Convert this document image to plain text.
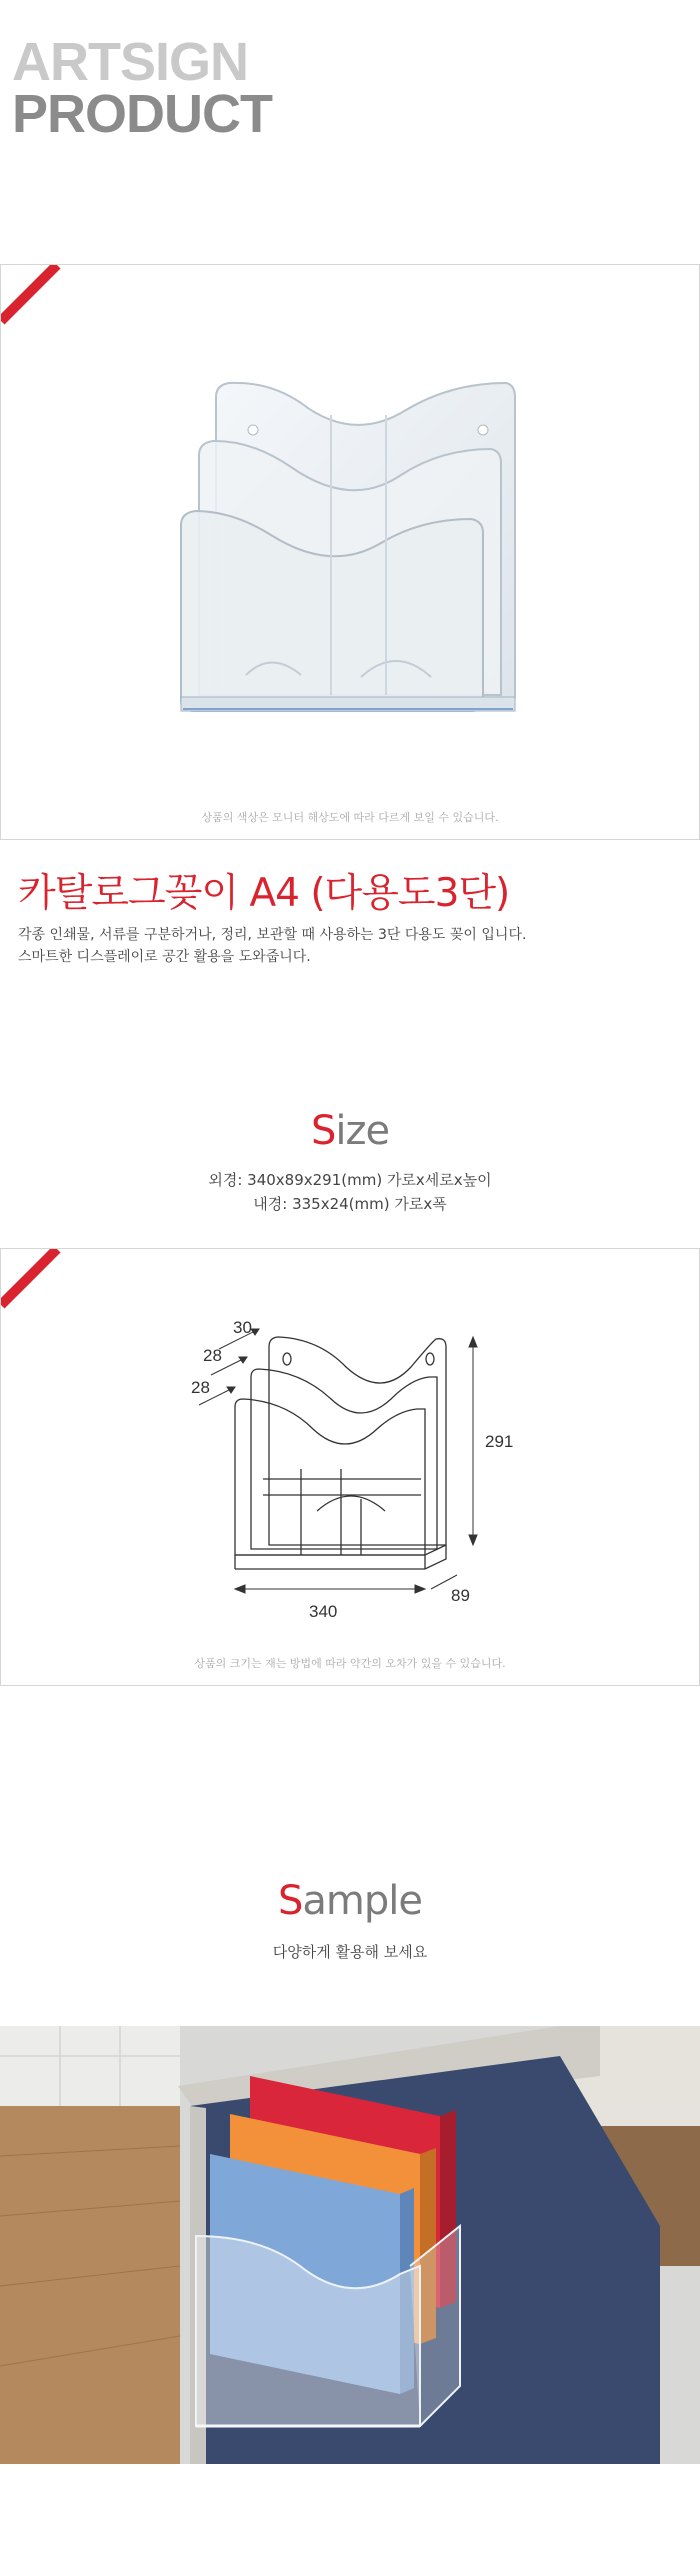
ARTSIGN
PRODUCT
상품의 색상은 모니터 해상도에 따라 다르게 보일 수 있습니다.
카탈로그꽂이 A4 (다용도3단)
각종 인쇄물, 서류를 구분하거나, 정리, 보관할 때 사용하는 3단 다용도 꽂이 입니다.
스마트한 디스플레이로 공간 활용을 도와줍니다.
Size
외경: 340x89x291(mm) 가로x세로x높이
내경: 335x24(mm) 가로x폭
30
28
28
291
340
89
상품의 크기는 재는 방법에 따라 약간의 오차가 있을 수 있습니다.
Sample
다양하게 활용해 보세요
